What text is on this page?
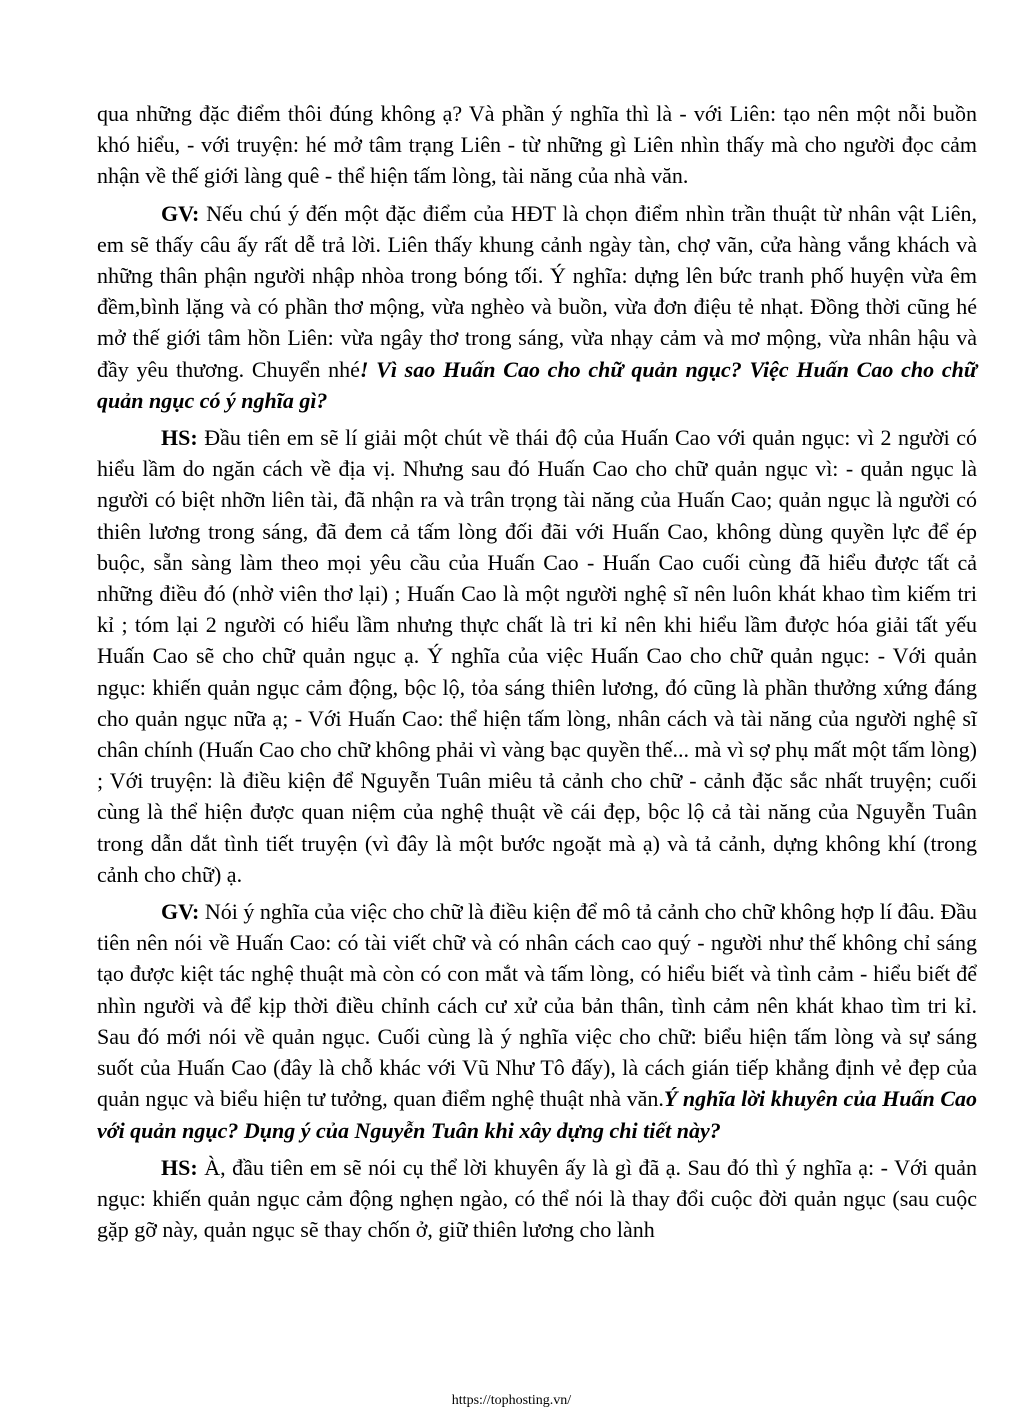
qua những đặc điểm thôi đúng không ạ? Và phần ý nghĩa thì là - với Liên: tạo nên một nỗi buồn khó hiểu, - với truyện: hé mở tâm trạng Liên - từ những gì Liên nhìn thấy mà cho người đọc cảm nhận về thế giới làng quê - thể hiện tấm lòng, tài năng của nhà văn.

GV: Nếu chú ý đến một đặc điểm của HĐT là chọn điểm nhìn trần thuật từ nhân vật Liên, em sẽ thấy câu ấy rất dễ trả lời. Liên thấy khung cảnh ngày tàn, chợ vãn, cửa hàng vắng khách và những thân phận người nhập nhòa trong bóng tối. Ý nghĩa: dựng lên bức tranh phố huyện vừa êm đềm,bình lặng và có phần thơ mộng, vừa nghèo và buồn, vừa đơn điệu tẻ nhạt. Đồng thời cũng hé mở thế giới tâm hồn Liên: vừa ngây thơ trong sáng, vừa nhạy cảm và mơ mộng, vừa nhân hậu và đầy yêu thương. Chuyển nhé! Vì sao Huấn Cao cho chữ quản ngục? Việc Huấn Cao cho chữ quản ngục có ý nghĩa gì?

HS: Đầu tiên em sẽ lí giải một chút về thái độ của Huấn Cao với quản ngục: vì 2 người có hiểu lầm do ngăn cách về địa vị. Nhưng sau đó Huấn Cao cho chữ quản ngục vì: - quản ngục là người có biệt nhỡn liên tài, đã nhận ra và trân trọng tài năng của Huấn Cao; quản ngục là người có thiên lương trong sáng, đã đem cả tấm lòng đối đãi với Huấn Cao, không dùng quyền lực để ép buộc, sẵn sàng làm theo mọi yêu cầu của Huấn Cao - Huấn Cao cuối cùng đã hiểu được tất cả những điều đó (nhờ viên thơ lại) ; Huấn Cao là một người nghệ sĩ nên luôn khát khao tìm kiếm tri kỉ ; tóm lại 2 người có hiểu lầm nhưng thực chất là tri kỉ nên khi hiểu lầm được hóa giải tất yếu Huấn Cao sẽ cho chữ quản ngục ạ. Ý nghĩa của việc Huấn Cao cho chữ quản ngục: - Với quản ngục: khiến quản ngục cảm động, bộc lộ, tỏa sáng thiên lương, đó cũng là phần thưởng xứng đáng cho quản ngục nữa ạ; - Với Huấn Cao: thể hiện tấm lòng, nhân cách và tài năng của người nghệ sĩ chân chính (Huấn Cao cho chữ không phải vì vàng bạc quyền thế... mà vì sợ phụ mất một tấm lòng) ; Với truyện: là điều kiện để Nguyễn Tuân miêu tả cảnh cho chữ - cảnh đặc sắc nhất truyện; cuối cùng là thể hiện được quan niệm của nghệ thuật về cái đẹp, bộc lộ cả tài năng của Nguyễn Tuân trong dẫn dắt tình tiết truyện (vì đây là một bước ngoặt mà ạ) và tả cảnh, dựng không khí (trong cảnh cho chữ) ạ.

GV: Nói ý nghĩa của việc cho chữ là điều kiện để mô tả cảnh cho chữ không hợp lí đâu. Đầu tiên nên nói về Huấn Cao: có tài viết chữ và có nhân cách cao quý - người như thế không chỉ sáng tạo được kiệt tác nghệ thuật mà còn có con mắt và tấm lòng, có hiểu biết và tình cảm - hiểu biết để nhìn người và để kịp thời điều chỉnh cách cư xử của bản thân, tình cảm nên khát khao tìm tri kỉ. Sau đó mới nói về quản ngục. Cuối cùng là ý nghĩa việc cho chữ: biểu hiện tấm lòng và sự sáng suốt của Huấn Cao (đây là chỗ khác với Vũ Như Tô đấy), là cách gián tiếp khẳng định vẻ đẹp của quản ngục và biểu hiện tư tưởng, quan điểm nghệ thuật nhà văn.Ý nghĩa lời khuyên của Huấn Cao với quản ngục? Dụng ý của Nguyễn Tuân khi xây dựng chi tiết này?

HS: À, đầu tiên em sẽ nói cụ thể lời khuyên ấy là gì đã ạ. Sau đó thì ý nghĩa ạ: - Với quản ngục: khiến quản ngục cảm động nghẹn ngào, có thể nói là thay đổi cuộc đời quản ngục (sau cuộc gặp gỡ này, quản ngục sẽ thay chốn ở, giữ thiên lương cho lành

https://tophosting.vn/
